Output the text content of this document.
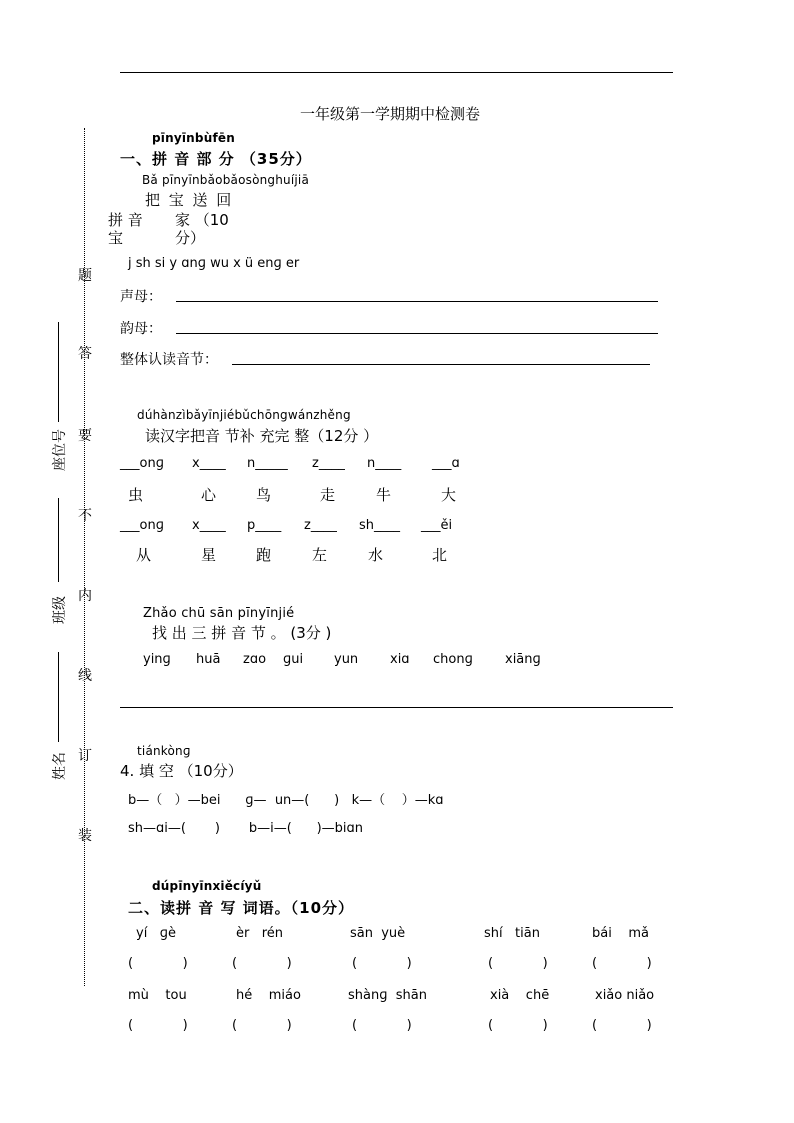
一年级第一学期期中检测卷
题
答
要
不
内
线
订
装
座位号
班级
姓名
pīnyīnbùfēn
一、拼 音 部 分 （35分）
Bǎ pīnyīnbǎobǎosònghuíjiā
把 宝 送 回
拼 音 家 （10
宝	分）
j sh si y ɑnɡ wu x ü enɡ er
声母：
韵母：
整体认读音节：
dúhànzìbǎyīnjiébǔchōngwánzhěng
读汉字把音 节补 充完 整（12分 ）
___onɡ x____ n_____ z____ n____ ___ɑ
虫	心	鸟	走	牛	大
___onɡ x____ p____ z____ sh____ ___ěi
从	星	跑	左	水	北
Zhǎo chū sān pīnyīnjié
找 出 三 拼 音 节 。 (3分 )
yinɡ huā zɑo ɡui yun xiɑ chonɡ xiānɡ
tiánkònɡ
4. 填 空 （10分）
b—（   ）—bei      ɡ—  un—(      )   k—（    ）—kɑ
sh—ɑi—(       )       b—i—(      )—biɑn
dúpīnyīnxiěcíyǔ
二、读拼 音 写 词语。（10分）
yí   ɡè	èr   rén	sān  yuè	shí   tiān	bái    mǎ
(            )	(            )	(            )	(            )	(            )
mù    tou	hé    miáo	shànɡ  shān	xià    chē	xiǎo niǎo
(            )	(            )	(            )	(            )	(            )
